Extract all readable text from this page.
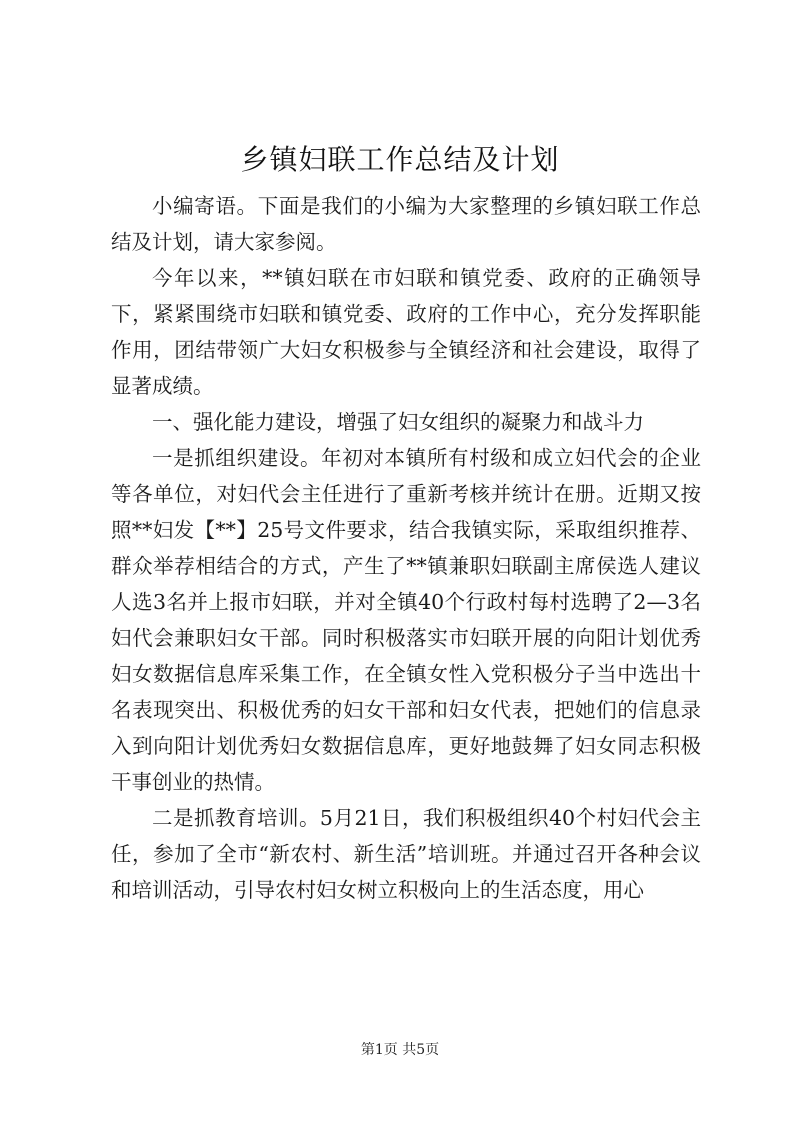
乡镇妇联工作总结及计划

小编寄语。下面是我们的小编为大家整理的乡镇妇联工作总结及计划，请大家参阅。

今年以来，**镇妇联在市妇联和镇党委、政府的正确领导下，紧紧围绕市妇联和镇党委、政府的工作中心，充分发挥职能作用，团结带领广大妇女积极参与全镇经济和社会建设，取得了显著成绩。

一、强化能力建设，增强了妇女组织的凝聚力和战斗力

一是抓组织建设。年初对本镇所有村级和成立妇代会的企业等各单位，对妇代会主任进行了重新考核并统计在册。近期又按照**妇发【**】25号文件要求，结合我镇实际，采取组织推荐、群众举荐相结合的方式，产生了**镇兼职妇联副主席侯选人建议人选3名并上报市妇联，并对全镇40个行政村每村选聘了2—3名妇代会兼职妇女干部。同时积极落实市妇联开展的向阳计划优秀妇女数据信息库采集工作，在全镇女性入党积极分子当中选出十名表现突出、积极优秀的妇女干部和妇女代表，把她们的信息录入到向阳计划优秀妇女数据信息库，更好地鼓舞了妇女同志积极干事创业的热情。

二是抓教育培训。5月21日，我们积极组织40个村妇代会主任，参加了全市“新农村、新生活”培训班。并通过召开各种会议和培训活动，引导农村妇女树立积极向上的生活态度，用心

第1页 共5页
